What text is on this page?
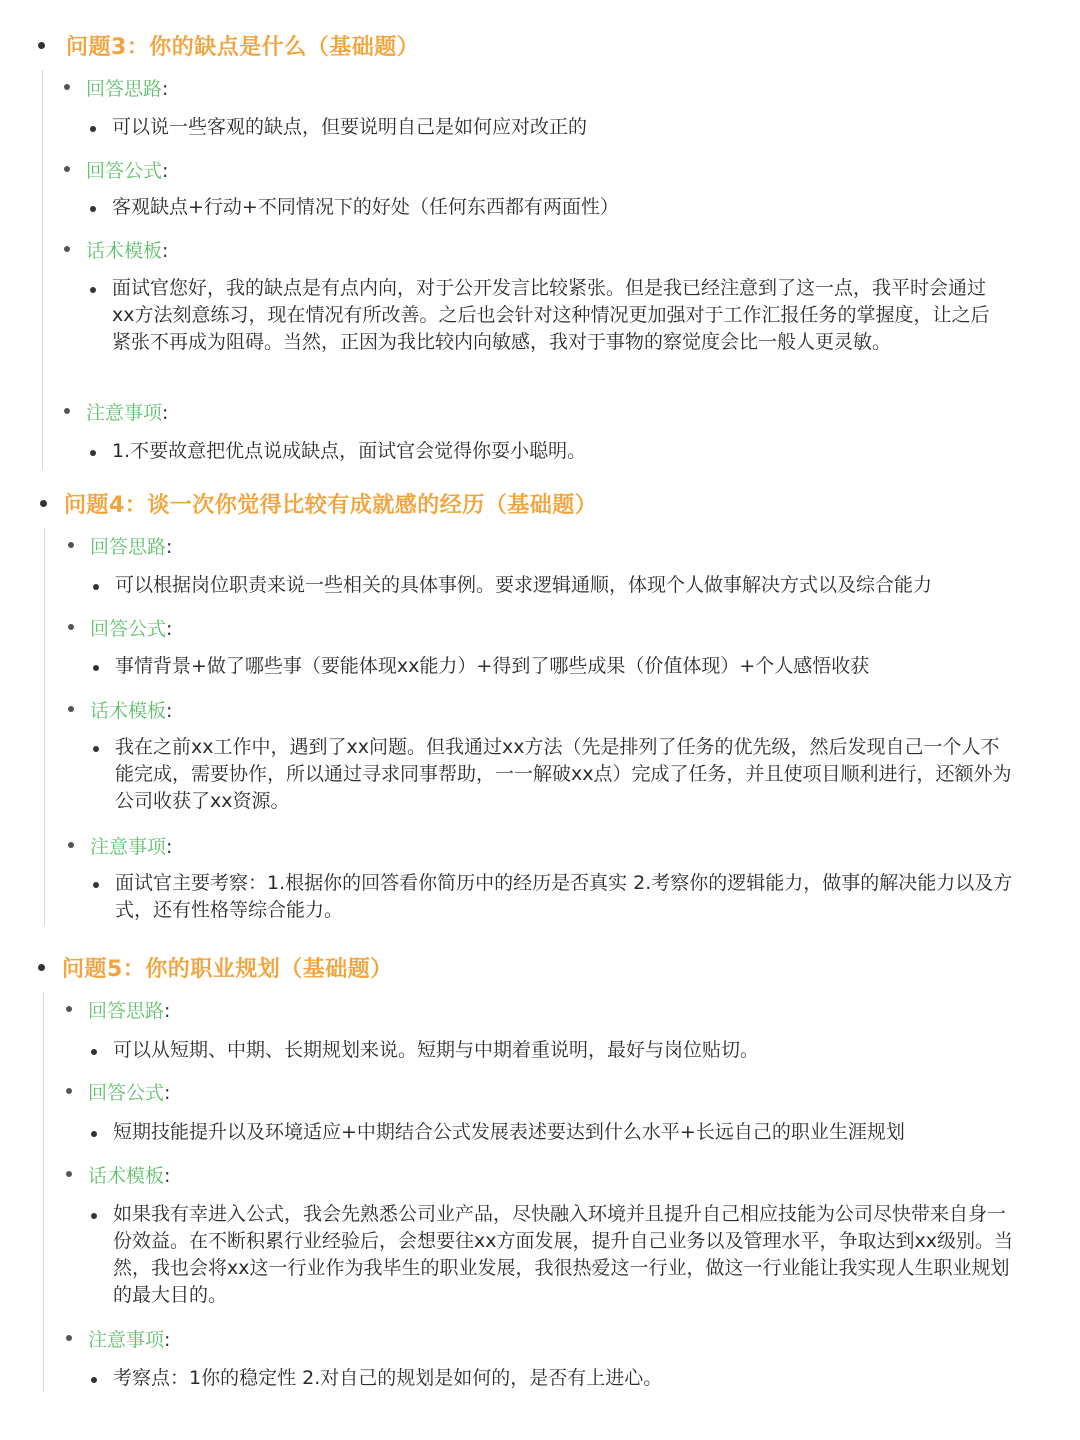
问题3：你的缺点是什么（基础题）
回答思路:
可以说一些客观的缺点，但要说明自己是如何应对改正的
回答公式:
客观缺点+行动+不同情况下的好处（任何东西都有两面性）
话术模板:
面试官您好，我的缺点是有点内向，对于公开发言比较紧张。但是我已经注意到了这一点，我平时会通过xx方法刻意练习，现在情况有所改善。之后也会针对这种情况更加强对于工作汇报任务的掌握度，让之后紧张不再成为阻碍。当然，正因为我比较内向敏感，我对于事物的察觉度会比一般人更灵敏。
注意事项:
1.不要故意把优点说成缺点，面试官会觉得你耍小聪明。
问题4：谈一次你觉得比较有成就感的经历（基础题）
回答思路:
可以根据岗位职责来说一些相关的具体事例。要求逻辑通顺，体现个人做事解决方式以及综合能力
回答公式:
事情背景+做了哪些事（要能体现xx能力）+得到了哪些成果（价值体现）+个人感悟收获
话术模板:
我在之前xx工作中，遇到了xx问题。但我通过xx方法（先是排列了任务的优先级，然后发现自己一个人不能完成，需要协作，所以通过寻求同事帮助，一一解破xx点）完成了任务，并且使项目顺利进行，还额外为公司收获了xx资源。
注意事项:
面试官主要考察：1.根据你的回答看你简历中的经历是否真实 2.考察你的逻辑能力，做事的解决能力以及方式，还有性格等综合能力。
问题5：你的职业规划（基础题）
回答思路:
可以从短期、中期、长期规划来说。短期与中期着重说明，最好与岗位贴切。
回答公式:
短期技能提升以及环境适应+中期结合公式发展表述要达到什么水平+长远自己的职业生涯规划
话术模板:
如果我有幸进入公式，我会先熟悉公司业产品，尽快融入环境并且提升自己相应技能为公司尽快带来自身一份效益。在不断积累行业经验后，会想要往xx方面发展，提升自己业务以及管理水平，争取达到xx级别。当然，我也会将xx这一行业作为我毕生的职业发展，我很热爱这一行业，做这一行业能让我实现人生职业规划的最大目的。
注意事项:
考察点：1你的稳定性 2.对自己的规划是如何的，是否有上进心。
